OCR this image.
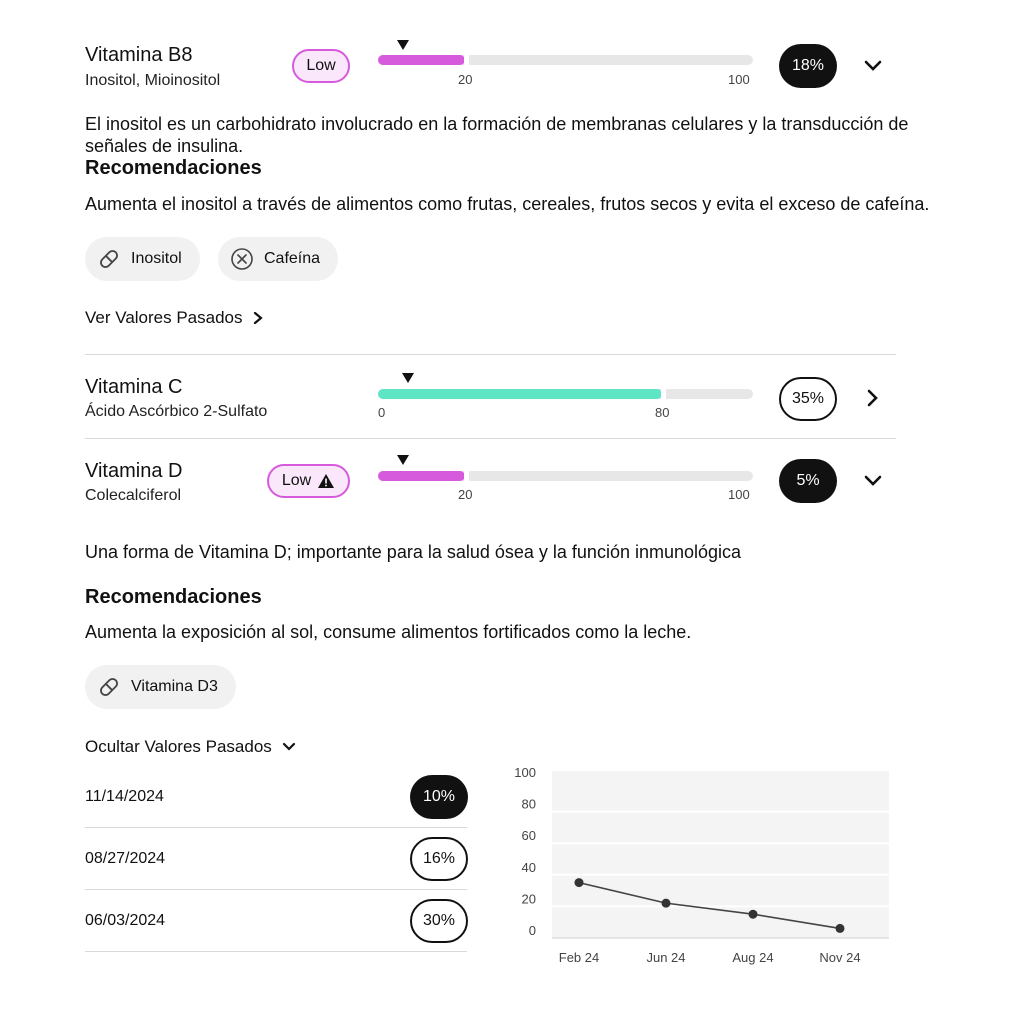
Vitamina B8
Inositol, Mioinositol
Low
20	100
18%
El inositol es un carbohidrato involucrado en la formación de membranas celulares y la transducción de señales de insulina.
Recomendaciones
Aumenta el inositol a través de alimentos como frutas, cereales, frutos secos y evita el exceso de cafeína.
Inositol	Cafeína
Ver Valores Pasados
Vitamina C
Ácido Ascórbico 2-Sulfato	0	80
35%
Vitamina D
Colecalciferol
Low
20	100
5%
Una forma de Vitamina D; importante para la salud ósea y la función inmunológica
Recomendaciones
Aumenta la exposición al sol, consume alimentos fortificados como la leche.
Vitamina D3
Ocultar Valores Pasados
11/14/2024	10%
08/27/2024	16%
06/03/2024	30%
100
80
60
40
20
0
Feb 24	Jun 24	Aug 24	Nov 24
